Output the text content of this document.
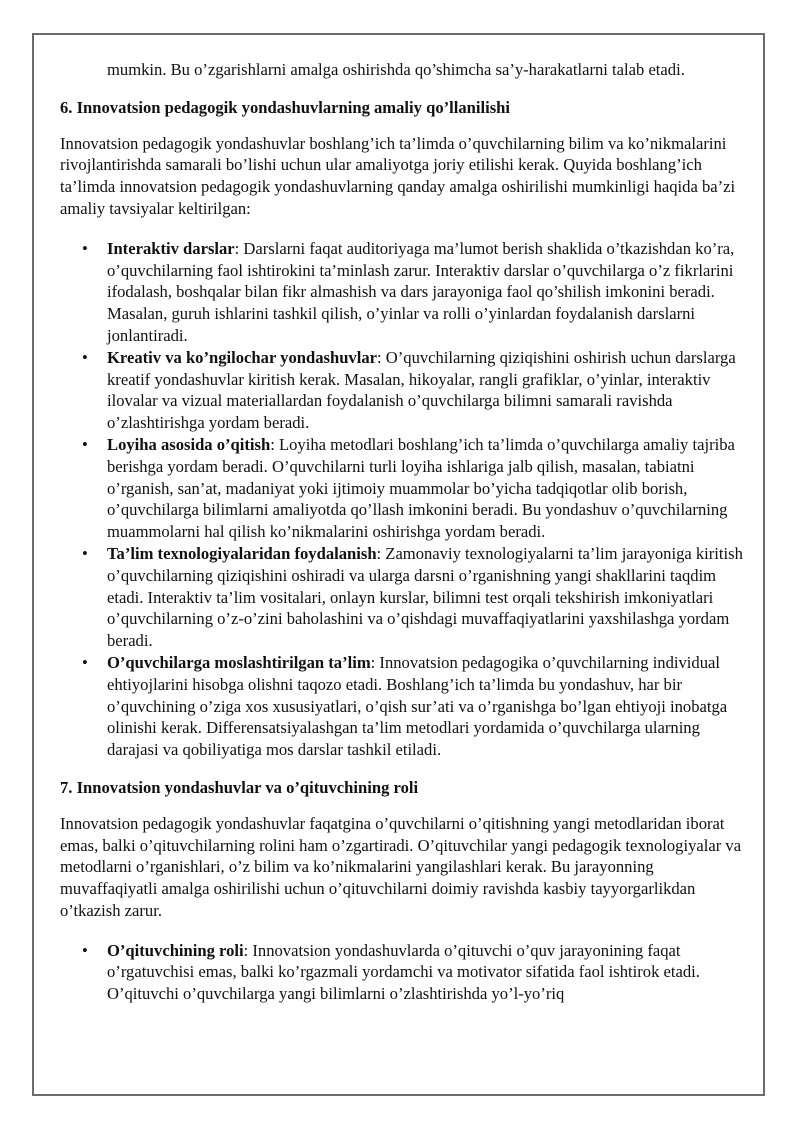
mumkin. Bu o’zgarishlarni amalga oshirishda qo’shimcha sa’y-harakatlarni talab etadi.

6. Innovatsion pedagogik yondashuvlarning amaliy qo’llanilishi

Innovatsion pedagogik yondashuvlar boshlang’ich ta’limda o’quvchilarning bilim va ko’nikmalarini rivojlantirishda samarali bo’lishi uchun ular amaliyotga joriy etilishi kerak. Quyida boshlang’ich ta’limda innovatsion pedagogik yondashuvlarning qanday amalga oshirilishi mumkinligi haqida ba’zi amaliy tavsiyalar keltirilgan:

• Interaktiv darslar: Darslarni faqat auditoriyaga ma’lumot berish shaklida o’tkazishdan ko’ra, o’quvchilarning faol ishtirokini ta’minlash zarur. Interaktiv darslar o’quvchilarga o’z fikrlarini ifodalash, boshqalar bilan fikr almashish va dars jarayoniga faol qo’shilish imkonini beradi. Masalan, guruh ishlarini tashkil qilish, o’yinlar va rolli o’yinlardan foydalanish darslarni jonlantiradi.
• Kreativ va ko’ngilochar yondashuvlar: O’quvchilarning qiziqishini oshirish uchun darslarga kreatif yondashuvlar kiritish kerak. Masalan, hikoyalar, rangli grafiklar, o’yinlar, interaktiv ilovalar va vizual materiallardan foydalanish o’quvchilarga bilimni samarali ravishda o’zlashtirishga yordam beradi.
• Loyiha asosida o’qitish: Loyiha metodlari boshlang’ich ta’limda o’quvchilarga amaliy tajriba berishga yordam beradi. O’quvchilarni turli loyiha ishlariga jalb qilish, masalan, tabiatni o’rganish, san’at, madaniyat yoki ijtimoiy muammolar bo’yicha tadqiqotlar olib borish, o’quvchilarga bilimlarni amaliyotda qo’llash imkonini beradi. Bu yondashuv o’quvchilarning muammolarni hal qilish ko’nikmalarini oshirishga yordam beradi.
• Ta’lim texnologiyalaridan foydalanish: Zamonaviy texnologiyalarni ta’lim jarayoniga kiritish o’quvchilarning qiziqishini oshiradi va ularga darsni o’rganishning yangi shakllarini taqdim etadi. Interaktiv ta’lim vositalari, onlayn kurslar, bilimni test orqali tekshirish imkoniyatlari o’quvchilarning o’z-o’zini baholashini va o’qishdagi muvaffaqiyatlarini yaxshilashga yordam beradi.
• O’quvchilarga moslashtirilgan ta’lim: Innovatsion pedagogika o’quvchilarning individual ehtiyojlarini hisobga olishni taqozo etadi. Boshlang’ich ta’limda bu yondashuv, har bir o’quvchining o’ziga xos xususiyatlari, o’qish sur’ati va o’rganishga bo’lgan ehtiyoji inobatga olinishi kerak. Differensatsiyalashgan ta’lim metodlari yordamida o’quvchilarga ularning darajasi va qobiliyatiga mos darslar tashkil etiladi.
7. Innovatsion yondashuvlar va o’qituvchining roli

Innovatsion pedagogik yondashuvlar faqatgina o’quvchilarni o’qitishning yangi metodlaridan iborat emas, balki o’qituvchilarning rolini ham o’zgartiradi. O’qituvchilar yangi pedagogik texnologiyalar va metodlarni o’rganishlari, o’z bilim va ko’nikmalarini yangilashlari kerak. Bu jarayonning muvaffaqiyatli amalga oshirilishi uchun o’qituvchilarni doimiy ravishda kasbiy tayyorgarlikdan o’tkazish zarur.

• O’qituvchining roli: Innovatsion yondashuvlarda o’qituvchi o’quv jarayonining faqat o’rgatuvchisi emas, balki ko’rgazmali yordamchi va motivator sifatida faol ishtirok etadi. O’qituvchi o’quvchilarga yangi bilimlarni o’zlashtirishda yo’l-yo’riq
